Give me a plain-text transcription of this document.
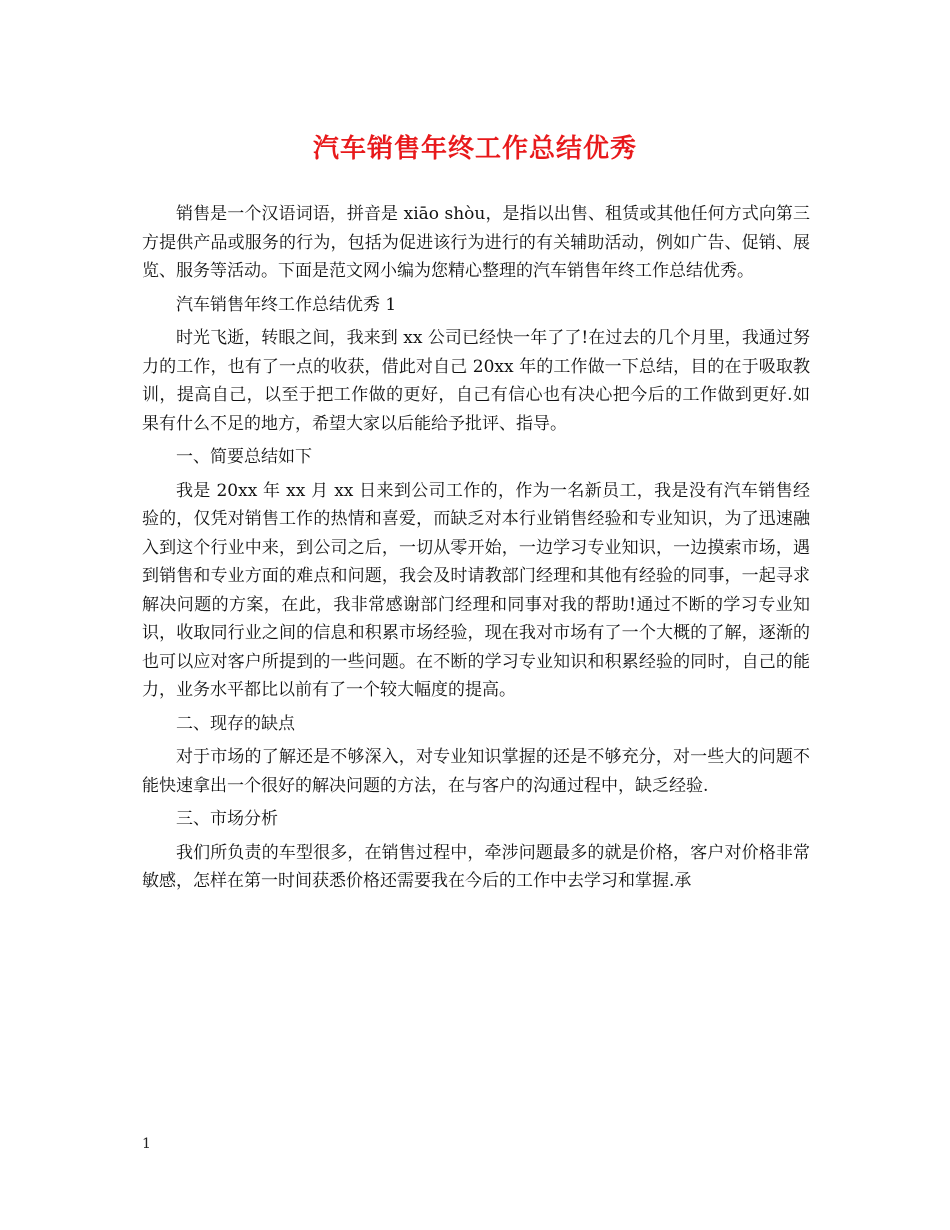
汽车销售年终工作总结优秀

销售是一个汉语词语，拼音是 xiāo shòu，是指以出售、租赁或其他任何方式向第三方提供产品或服务的行为，包括为促进该行为进行的有关辅助活动，例如广告、促销、展览、服务等活动。下面是范文网小编为您精心整理的汽车销售年终工作总结优秀。

汽车销售年终工作总结优秀 1

时光飞逝，转眼之间，我来到 xx 公司已经快一年了了!在过去的几个月里，我通过努力的工作，也有了一点的收获，借此对自己 20xx 年的工作做一下总结，目的在于吸取教训，提高自己，以至于把工作做的更好，自己有信心也有决心把今后的工作做到更好.如果有什么不足的地方，希望大家以后能给予批评、指导。

一、简要总结如下

我是 20xx 年 xx 月 xx 日来到公司工作的，作为一名新员工，我是没有汽车销售经验的，仅凭对销售工作的热情和喜爱，而缺乏对本行业销售经验和专业知识，为了迅速融入到这个行业中来，到公司之后，一切从零开始，一边学习专业知识，一边摸索市场，遇到销售和专业方面的难点和问题，我会及时请教部门经理和其他有经验的同事，一起寻求解决问题的方案，在此，我非常感谢部门经理和同事对我的帮助!通过不断的学习专业知识，收取同行业之间的信息和积累市场经验，现在我对市场有了一个大概的了解，逐渐的也可以应对客户所提到的一些问题。在不断的学习专业知识和积累经验的同时，自己的能力，业务水平都比以前有了一个较大幅度的提高。

二、现存的缺点

对于市场的了解还是不够深入，对专业知识掌握的还是不够充分，对一些大的问题不能快速拿出一个很好的解决问题的方法，在与客户的沟通过程中，缺乏经验.

三、市场分析

我们所负责的车型很多，在销售过程中，牵涉问题最多的就是价格，客户对价格非常敏感，怎样在第一时间获悉价格还需要我在今后的工作中去学习和掌握.承

1
